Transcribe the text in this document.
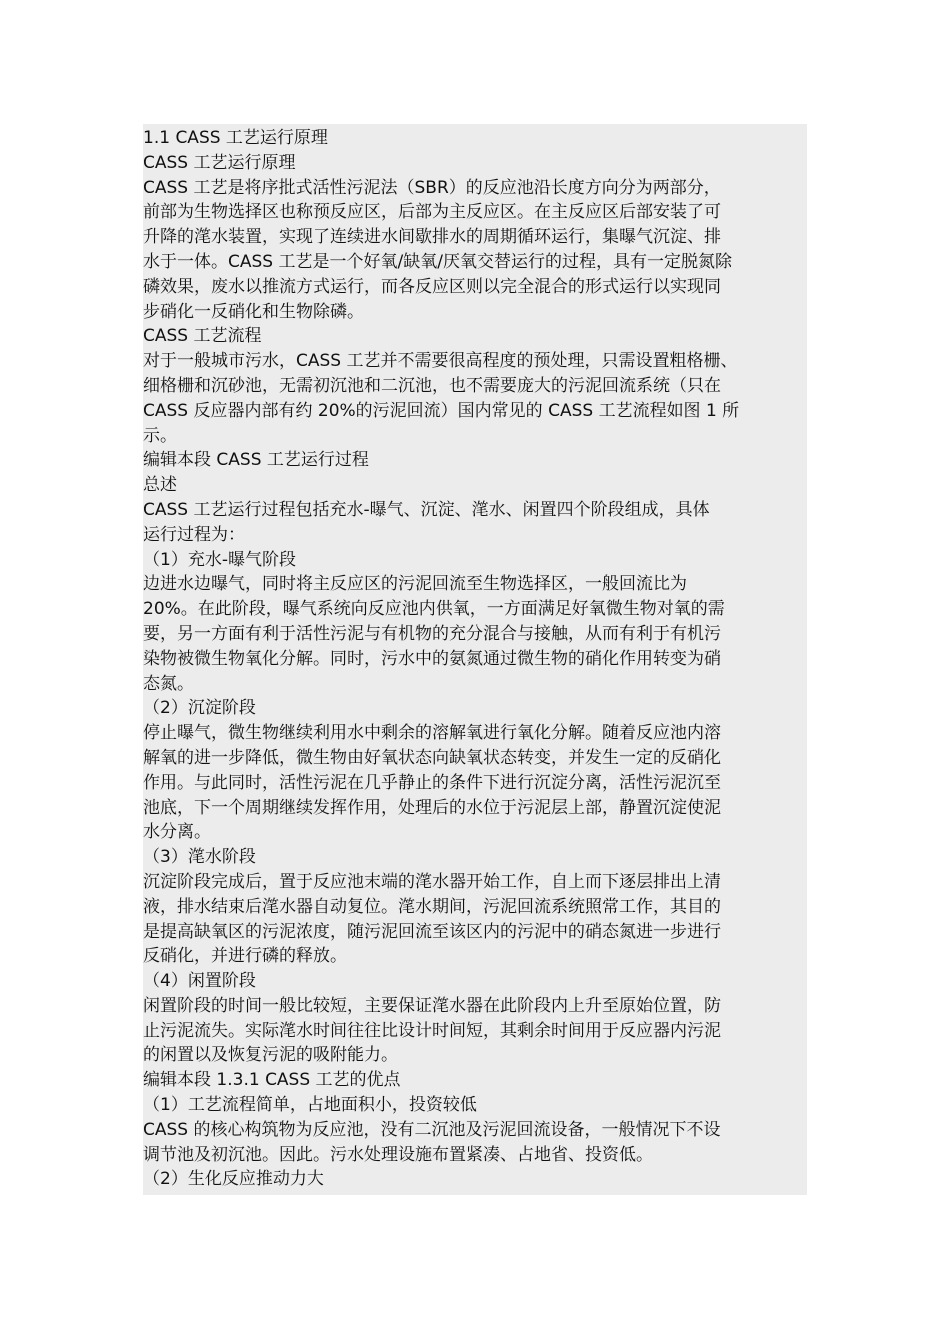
1.1 CASS 工艺运行原理
CASS 工艺运行原理
CASS 工艺是将序批式活性污泥法（SBR）的反应池沿长度方向分为两部分，
前部为生物选择区也称预反应区，后部为主反应区。在主反应区后部安装了可
升降的滗水装置，实现了连续进水间歇排水的周期循环运行，集曝气沉淀、排
水于一体。CASS 工艺是一个好氧/缺氧/厌氧交替运行的过程，具有一定脱氮除
磷效果，废水以推流方式运行，而各反应区则以完全混合的形式运行以实现同
步硝化一反硝化和生物除磷。
CASS 工艺流程
对于一般城市污水，CASS 工艺并不需要很高程度的预处理，只需设置粗格栅、
细格栅和沉砂池，无需初沉池和二沉池，也不需要庞大的污泥回流系统（只在
CASS 反应器内部有约 20%的污泥回流）国内常见的 CASS 工艺流程如图 1 所
示。
编辑本段 CASS 工艺运行过程
总述
CASS 工艺运行过程包括充水-曝气、沉淀、滗水、闲置四个阶段组成，具体
运行过程为：
（1）充水-曝气阶段
边进水边曝气，同时将主反应区的污泥回流至生物选择区，一般回流比为
20%。在此阶段，曝气系统向反应池内供氧，一方面满足好氧微生物对氧的需
要，另一方面有利于活性污泥与有机物的充分混合与接触，从而有利于有机污
染物被微生物氧化分解。同时，污水中的氨氮通过微生物的硝化作用转变为硝
态氮。
（2）沉淀阶段
停止曝气，微生物继续利用水中剩余的溶解氧进行氧化分解。随着反应池内溶
解氧的进一步降低，微生物由好氧状态向缺氧状态转变，并发生一定的反硝化
作用。与此同时，活性污泥在几乎静止的条件下进行沉淀分离，活性污泥沉至
池底，下一个周期继续发挥作用，处理后的水位于污泥层上部，静置沉淀使泥
水分离。
（3）滗水阶段
沉淀阶段完成后，置于反应池末端的滗水器开始工作，自上而下逐层排出上清
液，排水结束后滗水器自动复位。滗水期间，污泥回流系统照常工作，其目的
是提高缺氧区的污泥浓度，随污泥回流至该区内的污泥中的硝态氮进一步进行
反硝化，并进行磷的释放。
（4）闲置阶段
闲置阶段的时间一般比较短，主要保证滗水器在此阶段内上升至原始位置，防
止污泥流失。实际滗水时间往往比设计时间短，其剩余时间用于反应器内污泥
的闲置以及恢复污泥的吸附能力。
编辑本段 1.3.1 CASS 工艺的优点
（1）工艺流程简单，占地面积小，投资较低
CASS 的核心构筑物为反应池，没有二沉池及污泥回流设备，一般情况下不设
调节池及初沉池。因此。污水处理设施布置紧凑、占地省、投资低。
（2）生化反应推动力大
